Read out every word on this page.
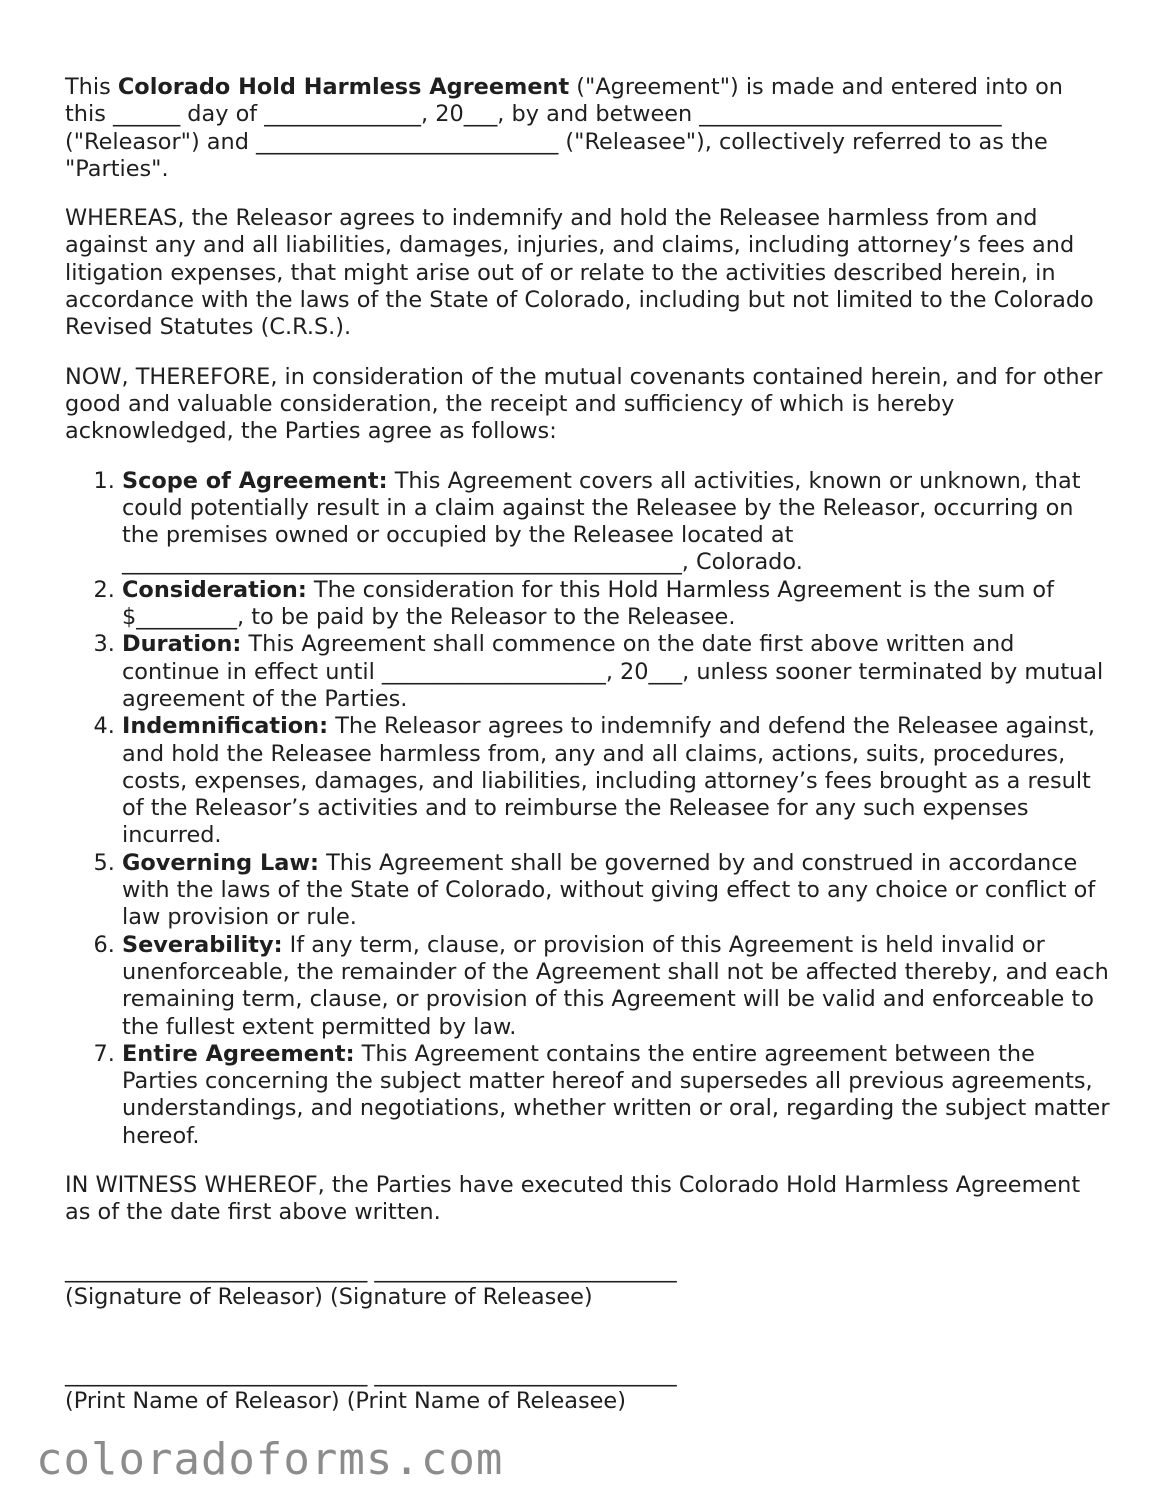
This Colorado Hold Harmless Agreement ("Agreement") is made and entered into on this ______ day of ______________, 20___, by and between ___________________________ ("Releasor") and ___________________________ ("Releasee"), collectively referred to as the "Parties".

WHEREAS, the Releasor agrees to indemnify and hold the Releasee harmless from and against any and all liabilities, damages, injuries, and claims, including attorney’s fees and litigation expenses, that might arise out of or relate to the activities described herein, in accordance with the laws of the State of Colorado, including but not limited to the Colorado Revised Statutes (C.R.S.).

NOW, THEREFORE, in consideration of the mutual covenants contained herein, and for other good and valuable consideration, the receipt and sufficiency of which is hereby acknowledged, the Parties agree as follows:

1. Scope of Agreement: This Agreement covers all activities, known or unknown, that could potentially result in a claim against the Releasee by the Releasor, occurring on the premises owned or occupied by the Releasee located at __________________________________________________, Colorado.
2. Consideration: The consideration for this Hold Harmless Agreement is the sum of $_________, to be paid by the Releasor to the Releasee.
3. Duration: This Agreement shall commence on the date first above written and continue in effect until ____________________, 20___, unless sooner terminated by mutual agreement of the Parties.
4. Indemnification: The Releasor agrees to indemnify and defend the Releasee against, and hold the Releasee harmless from, any and all claims, actions, suits, procedures, costs, expenses, damages, and liabilities, including attorney’s fees brought as a result of the Releasor’s activities and to reimburse the Releasee for any such expenses incurred.
5. Governing Law: This Agreement shall be governed by and construed in accordance with the laws of the State of Colorado, without giving effect to any choice or conflict of law provision or rule.
6. Severability: If any term, clause, or provision of this Agreement is held invalid or unenforceable, the remainder of the Agreement shall not be affected thereby, and each remaining term, clause, or provision of this Agreement will be valid and enforceable to the fullest extent permitted by law.
7. Entire Agreement: This Agreement contains the entire agreement between the Parties concerning the subject matter hereof and supersedes all previous agreements, understandings, and negotiations, whether written or oral, regarding the subject matter hereof.

IN WITNESS WHEREOF, the Parties have executed this Colorado Hold Harmless Agreement as of the date first above written.

___________________________ ___________________________

(Signature of Releasor) (Signature of Releasee)

___________________________ ___________________________

(Print Name of Releasor) (Print Name of Releasee)

coloradoforms.com
